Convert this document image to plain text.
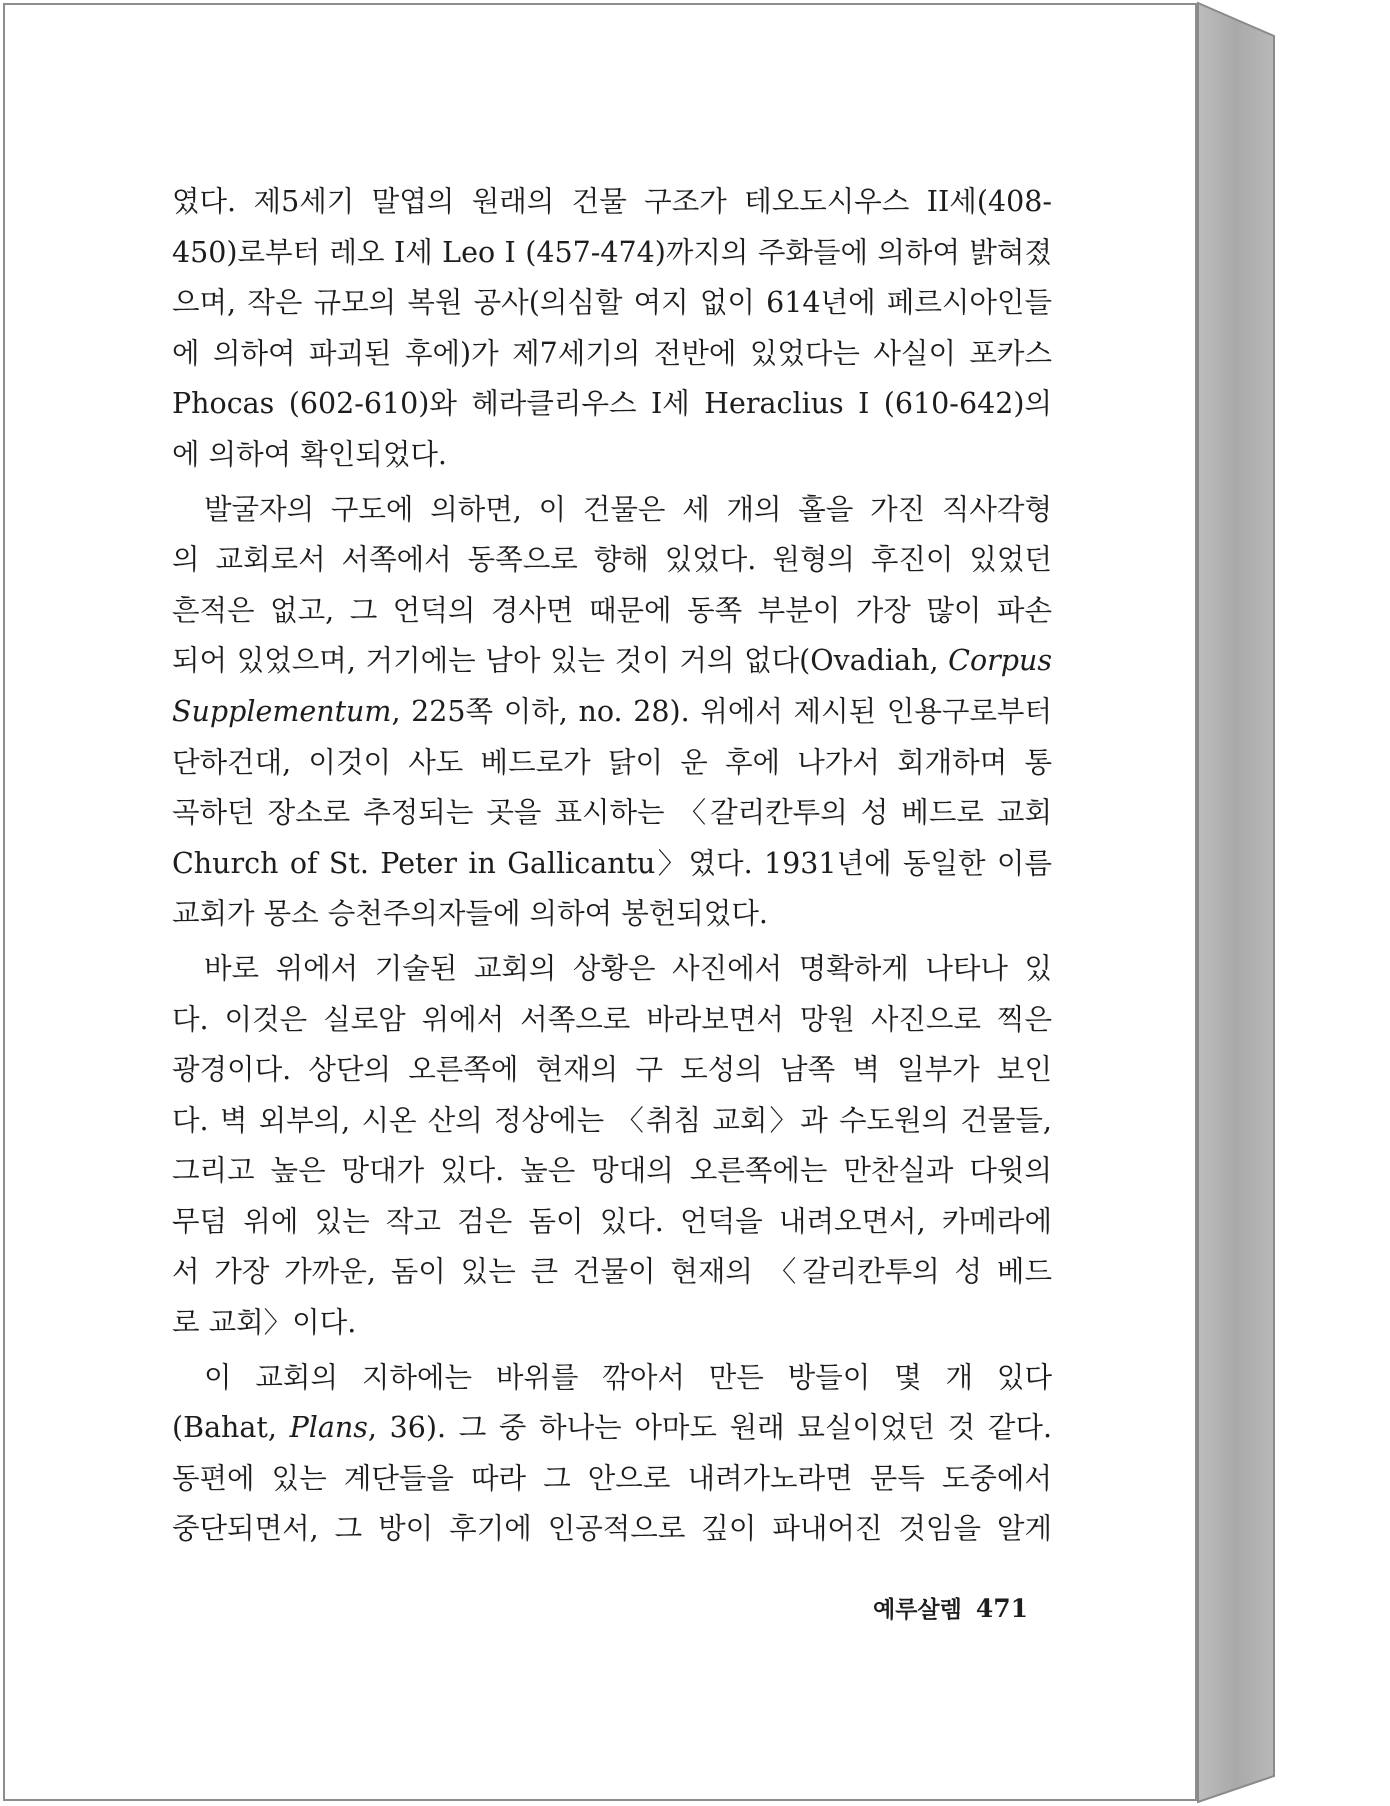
였다. 제5세기 말엽의 원래의 건물 구조가 테오도시우스 II세(408-
450)로부터 레오 I세 Leo I (457-474)까지의 주화들에 의하여 밝혀졌
으며, 작은 규모의 복원 공사(의심할 여지 없이 614년에 페르시아인들
에 의하여 파괴된 후에)가 제7세기의 전반에 있었다는 사실이 포카스
Phocas (602-610)와 헤라클리우스 I세 Heraclius I (610-642)의
에 의하여 확인되었다.
발굴자의 구도에 의하면, 이 건물은 세 개의 홀을 가진 직사각형
의 교회로서 서쪽에서 동쪽으로 향해 있었다. 원형의 후진이 있었던
흔적은 없고, 그 언덕의 경사면 때문에 동쪽 부분이 가장 많이 파손
되어 있었으며, 거기에는 남아 있는 것이 거의 없다(Ovadiah, Corpus
Supplementum, 225쪽 이하, no. 28). 위에서 제시된 인용구로부터
단하건대, 이것이 사도 베드로가 닭이 운 후에 나가서 회개하며 통
곡하던 장소로 추정되는 곳을 표시하는 〈갈리칸투의 성 베드로 교회
Church of St. Peter in Gallicantu〉였다. 1931년에 동일한 이름
교회가 몽소 승천주의자들에 의하여 봉헌되었다.
바로 위에서 기술된 교회의 상황은 사진에서 명확하게 나타나 있
다. 이것은 실로암 위에서 서쪽으로 바라보면서 망원 사진으로 찍은
광경이다. 상단의 오른쪽에 현재의 구 도성의 남쪽 벽 일부가 보인
다. 벽 외부의, 시온 산의 정상에는 〈취침 교회〉과 수도원의 건물들,
그리고 높은 망대가 있다. 높은 망대의 오른쪽에는 만찬실과 다윗의
무덤 위에 있는 작고 검은 돔이 있다. 언덕을 내려오면서, 카메라에
서 가장 가까운, 돔이 있는 큰 건물이 현재의 〈갈리칸투의 성 베드
로 교회〉이다.
이 교회의 지하에는 바위를 깎아서 만든 방들이 몇 개 있다
(Bahat, Plans, 36). 그 중 하나는 아마도 원래 묘실이었던 것 같다.
동편에 있는 계단들을 따라 그 안으로 내려가노라면 문득 도중에서
중단되면서, 그 방이 후기에 인공적으로 깊이 파내어진 것임을 알게
예루살렘 471
